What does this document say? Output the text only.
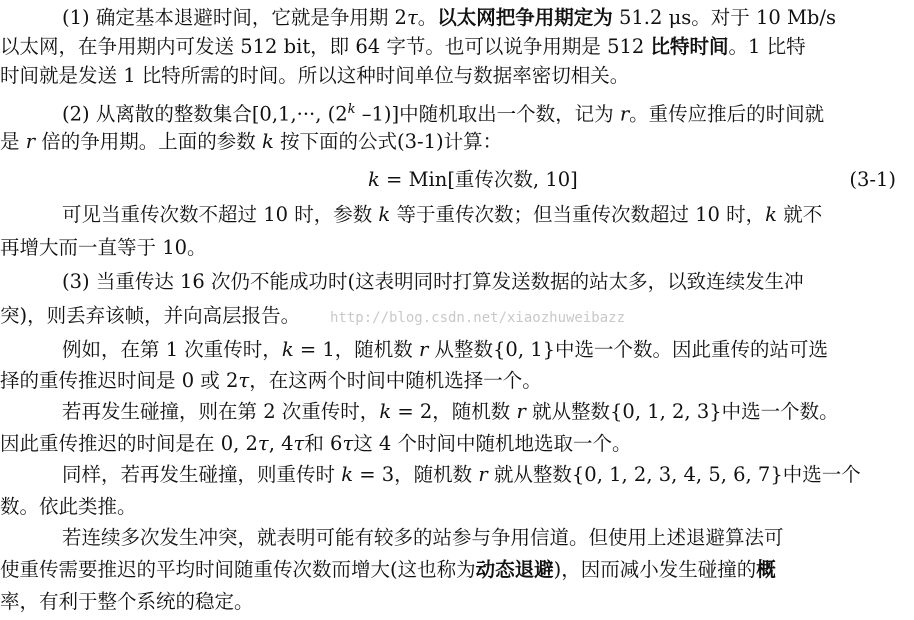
(1) 确定基本退避时间，它就是争用期 2τ。以太网把争用期定为 51.2 μs。对于 10 Mb/s
以太网，在争用期内可发送 512 bit，即 64 字节。也可以说争用期是 512 比特时间。1 比特
时间就是发送 1 比特所需的时间。所以这种时间单位与数据率密切相关。
(2) 从离散的整数集合[0,1,···, (2$^k$ –1)]中随机取出一个数，记为 r。重传应推后的时间就
是 r 倍的争用期。上面的参数 k 按下面的公式(3-1)计算：
k = Min[重传次数, 10]	(3-1)
可见当重传次数不超过 10 时，参数 k 等于重传次数；但当重传次数超过 10 时，k 就不
再增大而一直等于 10。
(3) 当重传达 16 次仍不能成功时(这表明同时打算发送数据的站太多，以致连续发生冲
突)，则丢弃该帧，并向高层报告。	http://blog.csdn.net/xiaozhuweibazz
例如，在第 1 次重传时，k = 1，随机数 r 从整数{0, 1}中选一个数。因此重传的站可选
择的重传推迟时间是 0 或 2τ，在这两个时间中随机选择一个。
若再发生碰撞，则在第 2 次重传时，k = 2，随机数 r 就从整数{0, 1, 2, 3}中选一个数。
因此重传推迟的时间是在 0, 2τ, 4τ和 6τ这 4 个时间中随机地选取一个。
同样，若再发生碰撞，则重传时 k = 3，随机数 r 就从整数{0, 1, 2, 3, 4, 5, 6, 7}中选一个
数。依此类推。
若连续多次发生冲突，就表明可能有较多的站参与争用信道。但使用上述退避算法可
使重传需要推迟的平均时间随重传次数而增大(这也称为动态退避)，因而减小发生碰撞的概
率，有利于整个系统的稳定。
